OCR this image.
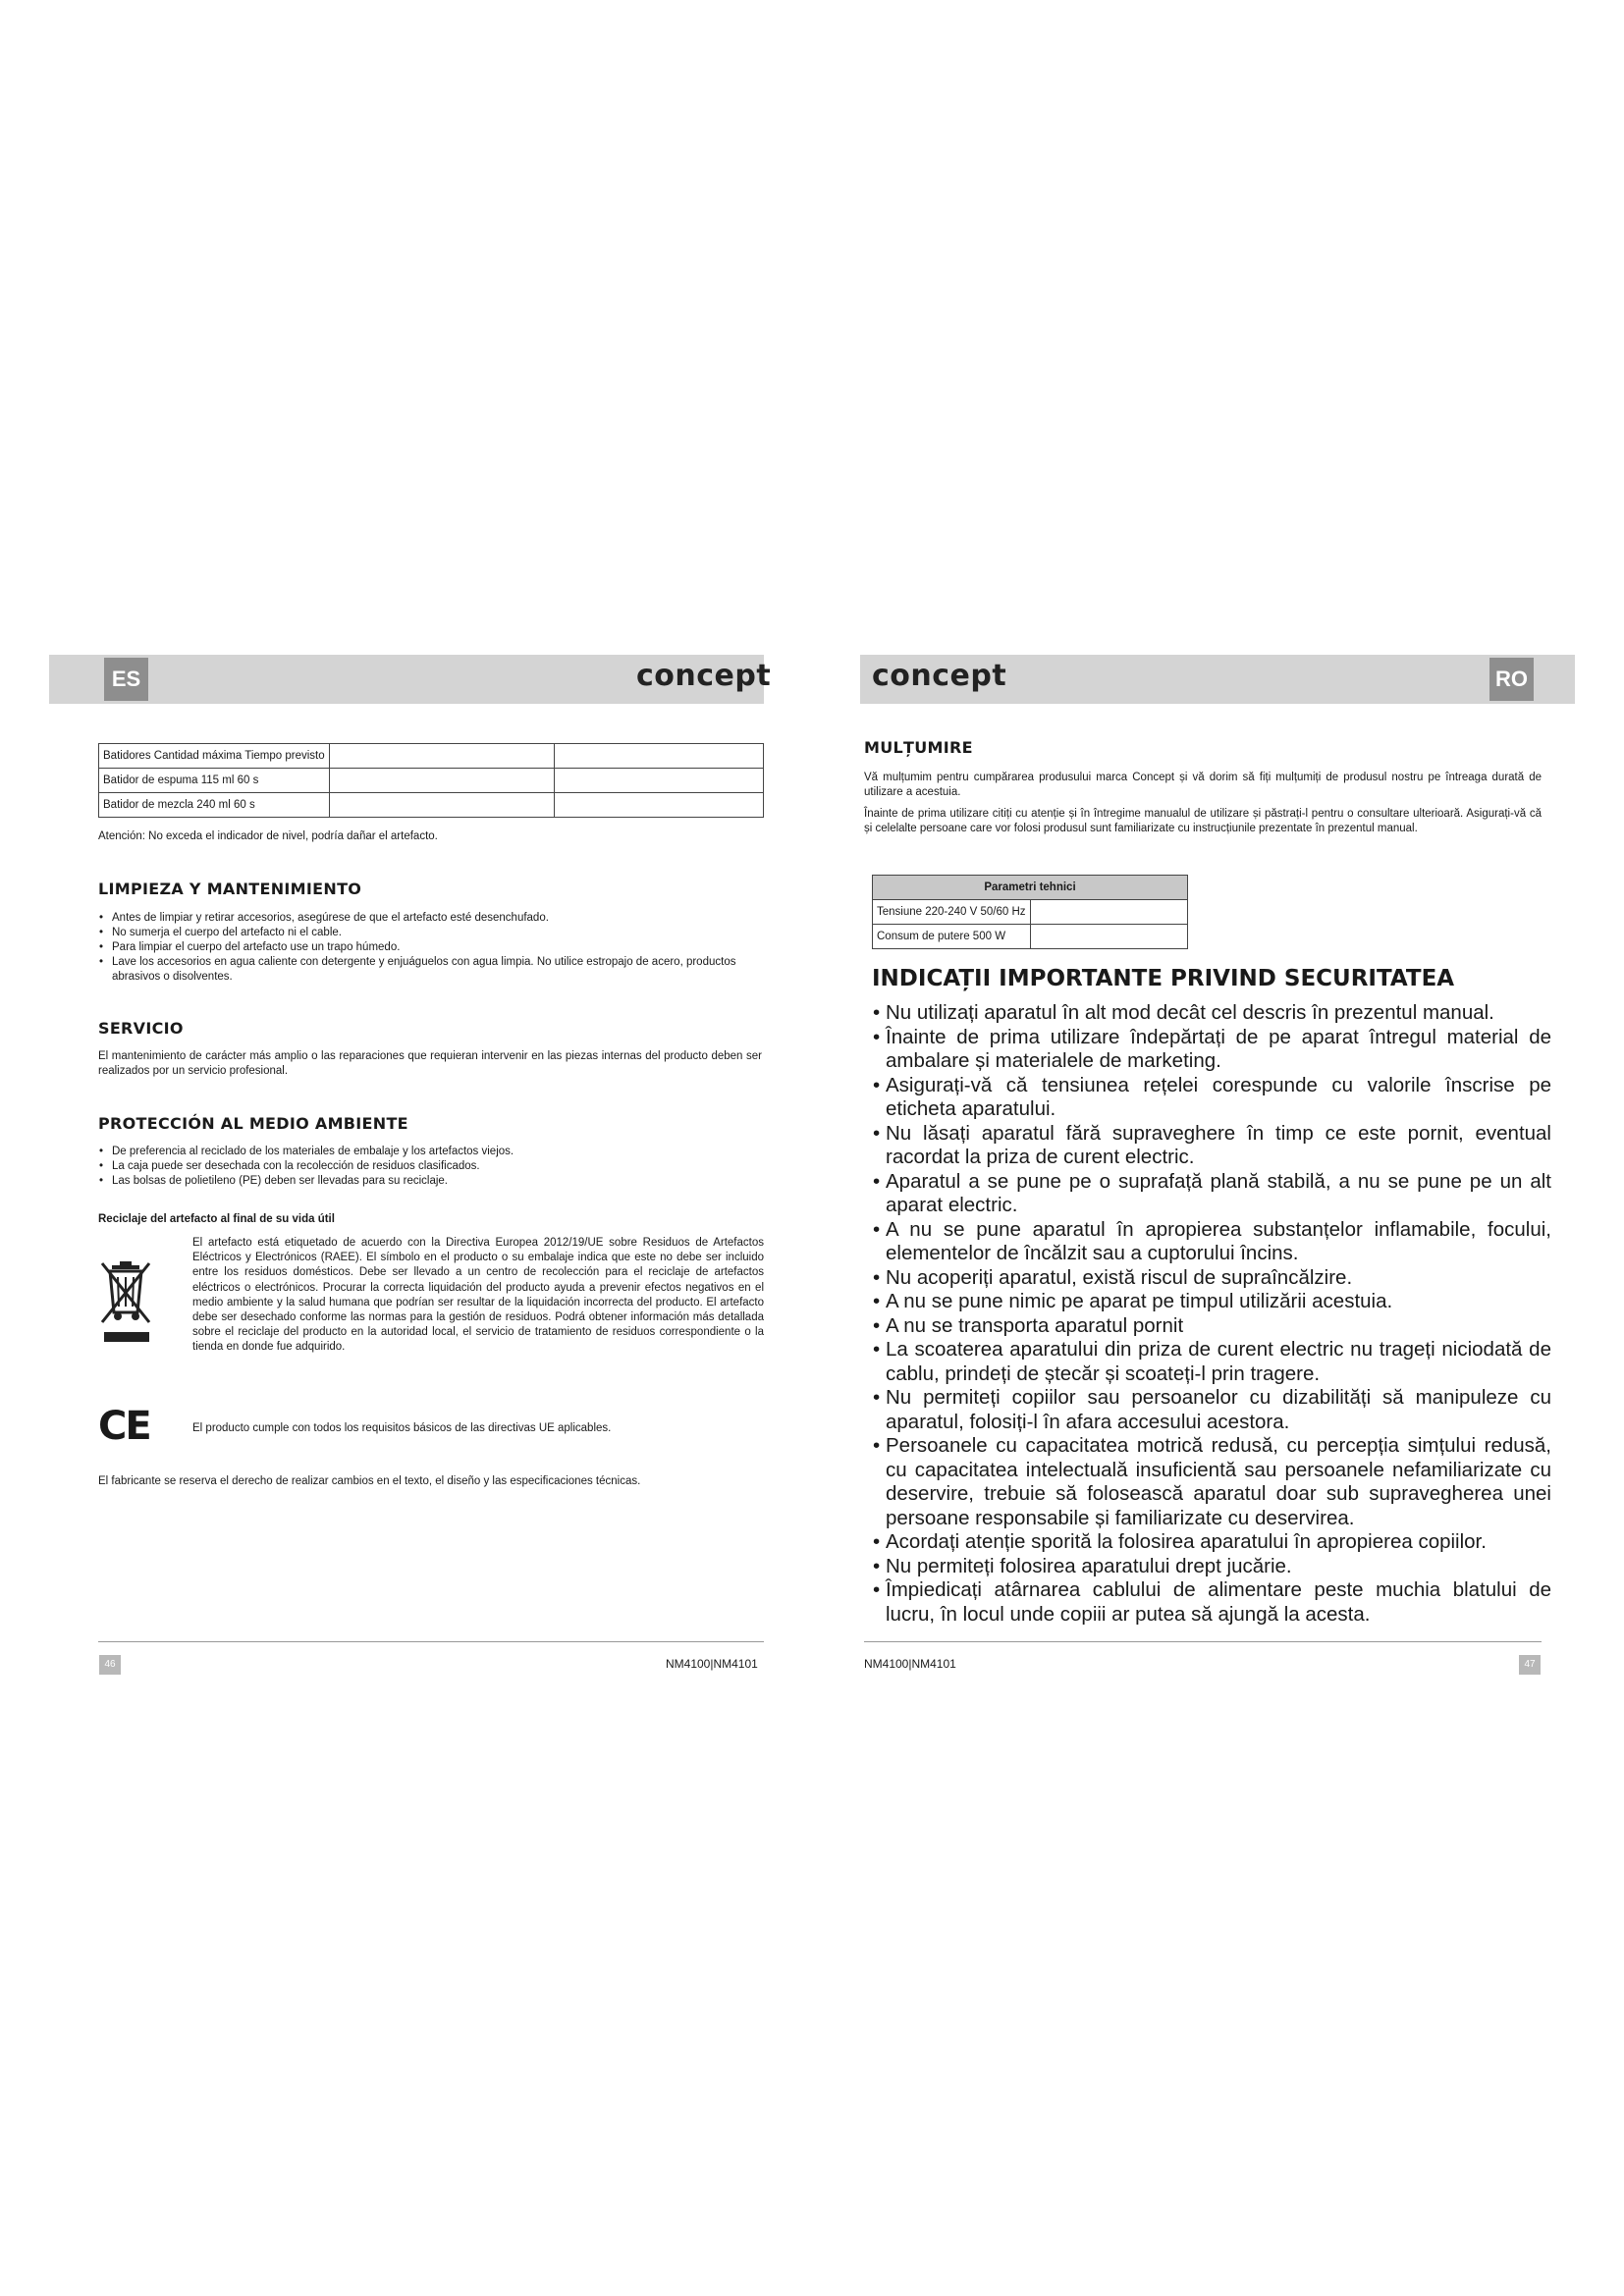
ES	RO
concept	concept
Batidores Cantidad máxima Tiempo previsto		
Batidor de espuma 115 ml 60 s		
Batidor de mezcla 240 ml 60 s		
Atención: No exceda el indicador de nivel, podría dañar el artefacto.
LIMPIEZA Y MANTENIMIENTO
• Antes de limpiar y retirar accesorios, asegúrese de que el artefacto esté desenchufado.
• No sumerja el cuerpo del artefacto ni el cable.
• Para limpiar el cuerpo del artefacto use un trapo húmedo.
• Lave los accesorios en agua caliente con detergente y enjuáguelos con agua limpia. No utilice estropajo de acero, productos abrasivos o disolventes.
SERVICIO
El mantenimiento de carácter más amplio o las reparaciones que requieran intervenir en las piezas internas del producto deben ser realizados por un servicio profesional.
PROTECCIÓN AL MEDIO AMBIENTE
• De preferencia al reciclado de los materiales de embalaje y los artefactos viejos.
• La caja puede ser desechada con la recolección de residuos clasificados.
• Las bolsas de polietileno (PE) deben ser llevadas para su reciclaje.
Reciclaje del artefacto al final de su vida útil
El artefacto está etiquetado de acuerdo con la Directiva Europea 2012/19/UE sobre Residuos de Artefactos Eléctricos y Electrónicos (RAEE). El símbolo en el producto o su embalaje indica que este no debe ser incluido entre los residuos domésticos. Debe ser llevado a un centro de recolección para el reciclaje de artefactos eléctricos o electrónicos. Procurar la correcta liquidación del producto ayuda a prevenir efectos negativos en el medio ambiente y la salud humana que podrían ser resultar de la liquidación incorrecta del producto. El artefacto debe ser desechado conforme las normas para la gestión de residuos. Podrá obtener información más detallada sobre el reciclaje del producto en la autoridad local, el servicio de tratamiento de residuos correspondiente o la tienda en donde fue adquirido.
CE	El producto cumple con todos los requisitos básicos de las directivas UE aplicables.
El fabricante se reserva el derecho de realizar cambios en el texto, el diseño y las especificaciones técnicas.
46	NM4100|NM4101	NM4100|NM4101	47
MULȚUMIRE
Vă mulțumim pentru cumpărarea produsului marca Concept și vă dorim să fiți mulțumiți de produsul nostru pe întreaga durată de utilizare a acestuia.
Înainte de prima utilizare citiți cu atenție și în întregime manualul de utilizare și păstrați-l pentru o consultare ulterioară. Asigurați-vă că și celelalte persoane care vor folosi produsul sunt familiarizate cu instrucțiunile prezentate în prezentul manual.
Parametri tehnici	
Tensiune 220-240 V 50/60 Hz	
Consum de putere 500 W	
INDICAȚII IMPORTANTE PRIVIND SECURITATEA
• Nu utilizați aparatul în alt mod decât cel descris în prezentul manual.
• Înainte de prima utilizare îndepărtați de pe aparat întregul material de ambalare și materialele de marketing.
• Asigurați-vă că tensiunea rețelei corespunde cu valorile înscrise pe eticheta aparatului.
• Nu lăsați aparatul fără supraveghere în timp ce este pornit, eventual racordat la priza de curent electric.
• Aparatul a se pune pe o suprafață plană stabilă, a nu se pune pe un alt aparat electric.
• A nu se pune aparatul în apropierea substanțelor inflamabile, focului, elementelor de încălzit sau a cuptorului încins.
• Nu acoperiți aparatul, există riscul de supraîncălzire.
• A nu se pune nimic pe aparat pe timpul utilizării acestuia.
• A nu se transporta aparatul pornit
• La scoaterea aparatului din priza de curent electric nu trageți niciodată de cablu, prindeți de ștecăr și scoateți-l prin tragere.
• Nu permiteți copiilor sau persoanelor cu dizabilități să manipuleze cu aparatul, folosiți-l în afara accesului acestora.
• Persoanele cu capacitatea motrică redusă, cu percepția simțului redusă, cu capacitatea intelectuală insuficientă sau persoanele nefamiliarizate cu deservire, trebuie să folosească aparatul doar sub supravegherea unei persoane responsabile și familiarizate cu deservirea.
• Acordați atenție sporită la folosirea aparatului în apropierea copiilor.
• Nu permiteți folosirea aparatului drept jucărie.
• Împiedicați atârnarea cablului de alimentare peste muchia blatului de lucru, în locul unde copiii ar putea să ajungă la acesta.
